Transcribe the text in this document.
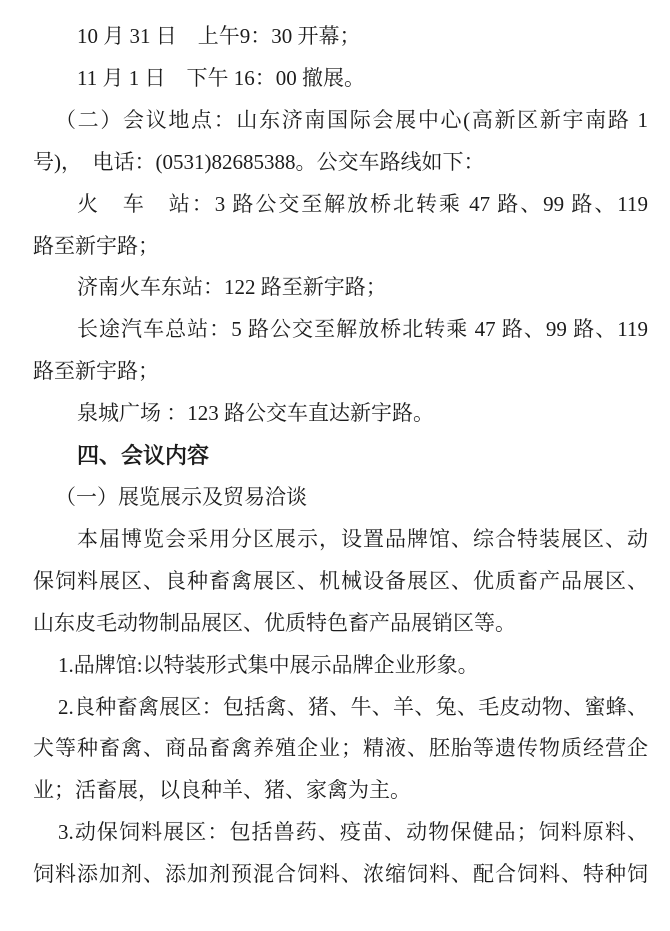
10 月 31 日　上午9：30 开幕；
11 月 1 日　下午 16：00 撤展。
（二）会议地点：山东济南国际会展中心(高新区新宇南路 1
号)，　电话：(0531)82685388。公交车路线如下：
火　车　站：3 路公交至解放桥北转乘 47 路、99 路、119
路至新宇路；
济南火车东站：122 路至新宇路；
长途汽车总站：5 路公交至解放桥北转乘 47 路、99 路、119
路至新宇路；
泉城广场 ：123 路公交车直达新宇路。
四、会议内容
（一）展览展示及贸易洽谈
本届博览会采用分区展示，设置品牌馆、综合特装展区、动
保饲料展区、良种畜禽展区、机械设备展区、优质畜产品展区、
山东皮毛动物制品展区、优质特色畜产品展销区等。
1.品牌馆:以特装形式集中展示品牌企业形象。
2.良种畜禽展区：包括禽、猪、牛、羊、兔、毛皮动物、蜜蜂、
犬等种畜禽、商品畜禽养殖企业；精液、胚胎等遗传物质经营企
业；活畜展，以良种羊、猪、家禽为主。
3.动保饲料展区：包括兽药、疫苗、动物保健品；饲料原料、
饲料添加剂、添加剂预混合饲料、浓缩饲料、配合饲料、特种饲
